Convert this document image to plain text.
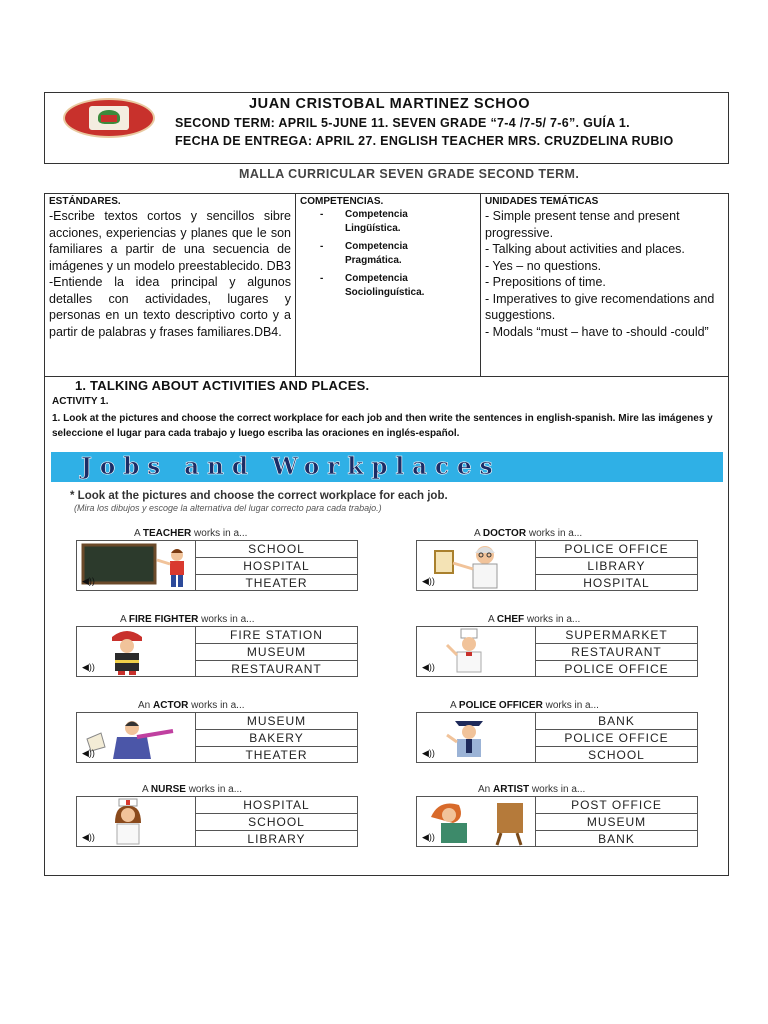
JUAN CRISTOBAL MARTINEZ SCHOO
SECOND TERM: APRIL 5-JUNE 11. SEVEN GRADE “7-4 /7-5/ 7-6”. GUÍA 1.
FECHA DE ENTREGA: APRIL 27. ENGLISH TEACHER MRS. CRUZDELINA RUBIO
MALLA CURRICULAR SEVEN GRADE SECOND TERM.
ESTÁNDARES.
-Escribe textos cortos y sencillos sibre acciones, experiencias y planes que le son familiares a partir de una secuencia de imágenes y un modelo preestablecido. DB3 -Entiende la idea principal y algunos detalles con actividades, lugares y personas en un texto descriptivo corto y a partir de palabras y frases familiares.DB4.
COMPETENCIAS.
- Competencia Lingüística.
- Competencia Pragmática.
- Competencia Sociolinguística.
UNIDADES TEMÁTICAS
- Simple present tense and present progressive.
- Talking about activities and places.
- Yes – no questions.
- Prepositions of time.
- Imperatives to give recomendations and suggestions.
- Modals “must – have to -should -could”
1. TALKING ABOUT ACTIVITIES AND PLACES.
ACTIVITY 1.
1. Look at the pictures and choose the correct workplace for each job and then write the sentences in english-spanish. Mire las imágenes y seleccione el lugar para cada trabajo y luego escriba las oraciones en inglés-español.
Jobs and Workplaces
* Look at the pictures and choose the correct workplace for each job.
(Mira los dibujos y escoge la alternativa del lugar correcto para cada trabajo.)
A TEACHER works in a...
◀))
SCHOOL
HOSPITAL
THEATER
A DOCTOR works in a...
◀))
POLICE OFFICE
LIBRARY
HOSPITAL
A FIRE FIGHTER works in a...
◀))
FIRE STATION
MUSEUM
RESTAURANT
A CHEF works in a...
◀))
SUPERMARKET
RESTAURANT
POLICE OFFICE
An ACTOR works in a...
◀))
MUSEUM
BAKERY
THEATER
A POLICE OFFICER works in a...
◀))
BANK
POLICE OFFICE
SCHOOL
A NURSE works in a...
◀))
HOSPITAL
SCHOOL
LIBRARY
An ARTIST works in a...
◀))
POST OFFICE
MUSEUM
BANK
